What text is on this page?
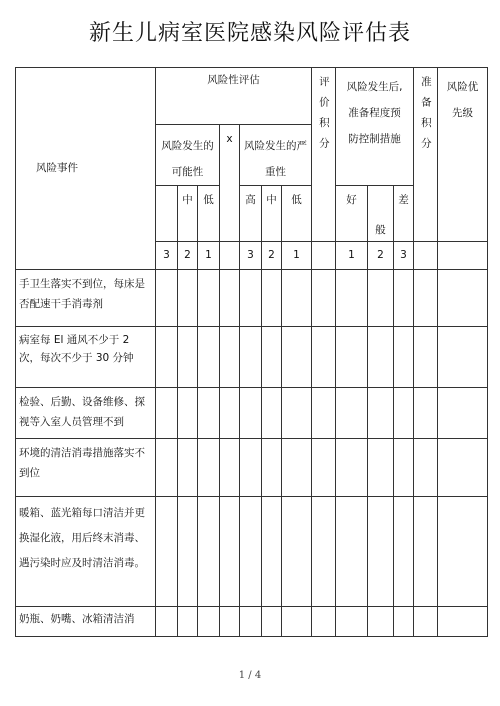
新生儿病室医院感染风险评估表
风险事件	风险性评估							评价积分	风险发生后,准备程度预防控制措施			准备积分	风险优先级
	风险发生的可能性			x	风险发生的严重性								
		中	低		高	中	低		好	般	差		
	3	2	1		3	2	1		1	2	3		
手卫生落实不到位，每床是否配速干手消毒剂													
病室每 El 通风不少于 2 次，每次不少于 30 分钟													
检验、后勤、设备维修、探视等入室人员管理不到													
环境的清洁消毒措施落实不到位													
暖箱、蓝光箱每口清洁并更换湿化液，用后终末消毒、遇污染时应及时清洁消毒。													
奶瓶、奶嘴、冰箱清洁消													
1 / 4
